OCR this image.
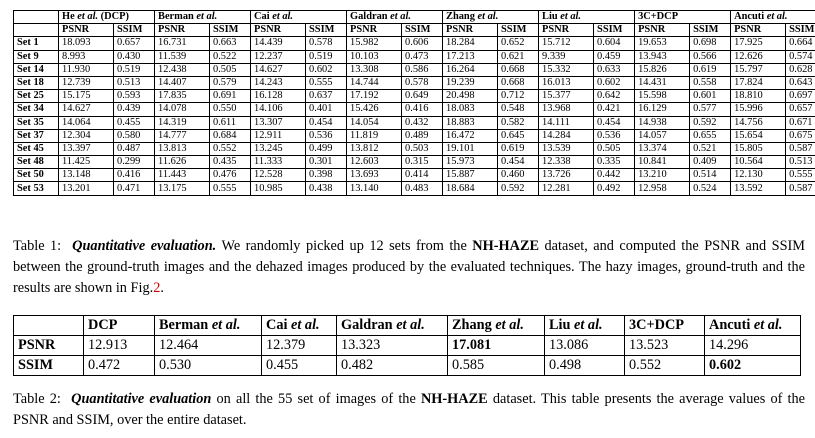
	He et al. (DCP)		Berman et al.		Cai et al.		Galdran et al.		Zhang et al.		Liu et al.		3C+DCP		Ancuti et al.	
	PSNR	SSIM	PSNR	SSIM	PSNR	SSIM	PSNR	SSIM	PSNR	SSIM	PSNR	SSIM	PSNR	SSIM	PSNR	SSIM
Set 1	18.093	0.657	16.731	0.663	14.439	0.578	15.982	0.606	18.284	0.652	15.712	0.604	19.653	0.698	17.925	0.664
Set 9	8.993	0.430	11.539	0.522	12.237	0.519	10.103	0.473	17.213	0.621	9.339	0.459	13.943	0.566	12.626	0.574
Set 14	11.930	0.519	12.438	0.505	14.627	0.602	13.308	0.586	16.264	0.668	15.332	0.633	15.826	0.619	15.797	0.628
Set 18	12.739	0.513	14.407	0.579	14.243	0.555	14.744	0.578	19.239	0.668	16.013	0.602	14.431	0.558	17.824	0.643
Set 25	15.175	0.593	17.835	0.691	16.128	0.637	17.192	0.649	20.498	0.712	15.377	0.642	15.598	0.601	18.810	0.697
Set 34	14.627	0.439	14.078	0.550	14.106	0.401	15.426	0.416	18.083	0.548	13.968	0.421	16.129	0.577	15.996	0.657
Set 35	14.064	0.455	14.319	0.611	13.307	0.454	14.054	0.432	18.883	0.582	14.111	0.454	14.938	0.592	14.756	0.671
Set 37	12.304	0.580	14.777	0.684	12.911	0.536	11.819	0.489	16.472	0.645	14.284	0.536	14.057	0.655	15.654	0.675
Set 45	13.397	0.487	13.813	0.552	13.245	0.499	13.812	0.503	19.101	0.619	13.539	0.505	13.374	0.521	15.805	0.587
Set 48	11.425	0.299	11.626	0.435	11.333	0.301	12.603	0.315	15.973	0.454	12.338	0.335	10.841	0.409	10.564	0.513
Set 50	13.148	0.416	11.443	0.476	12.528	0.398	13.693	0.414	15.887	0.460	13.726	0.442	13.210	0.514	12.130	0.555
Set 53	13.201	0.471	13.175	0.555	10.985	0.438	13.140	0.483	18.684	0.592	12.281	0.492	12.958	0.524	13.592	0.587
Table 1: Quantitative evaluation. We randomly picked up 12 sets from the NH-HAZE dataset, and computed the PSNR and SSIM between the ground-truth images and the dehazed images produced by the evaluated techniques. The hazy images, ground-truth and the results are shown in Fig.2.
	DCP	Berman et al.	Cai et al.	Galdran et al.	Zhang et al.	Liu et al.	3C+DCP	Ancuti et al.
PSNR	12.913	12.464	12.379	13.323	17.081	13.086	13.523	14.296
SSIM	0.472	0.530	0.455	0.482	0.585	0.498	0.552	0.602
Table 2: Quantitative evaluation on all the 55 set of images of the NH-HAZE dataset. This table presents the average values of the PSNR and SSIM, over the entire dataset.
